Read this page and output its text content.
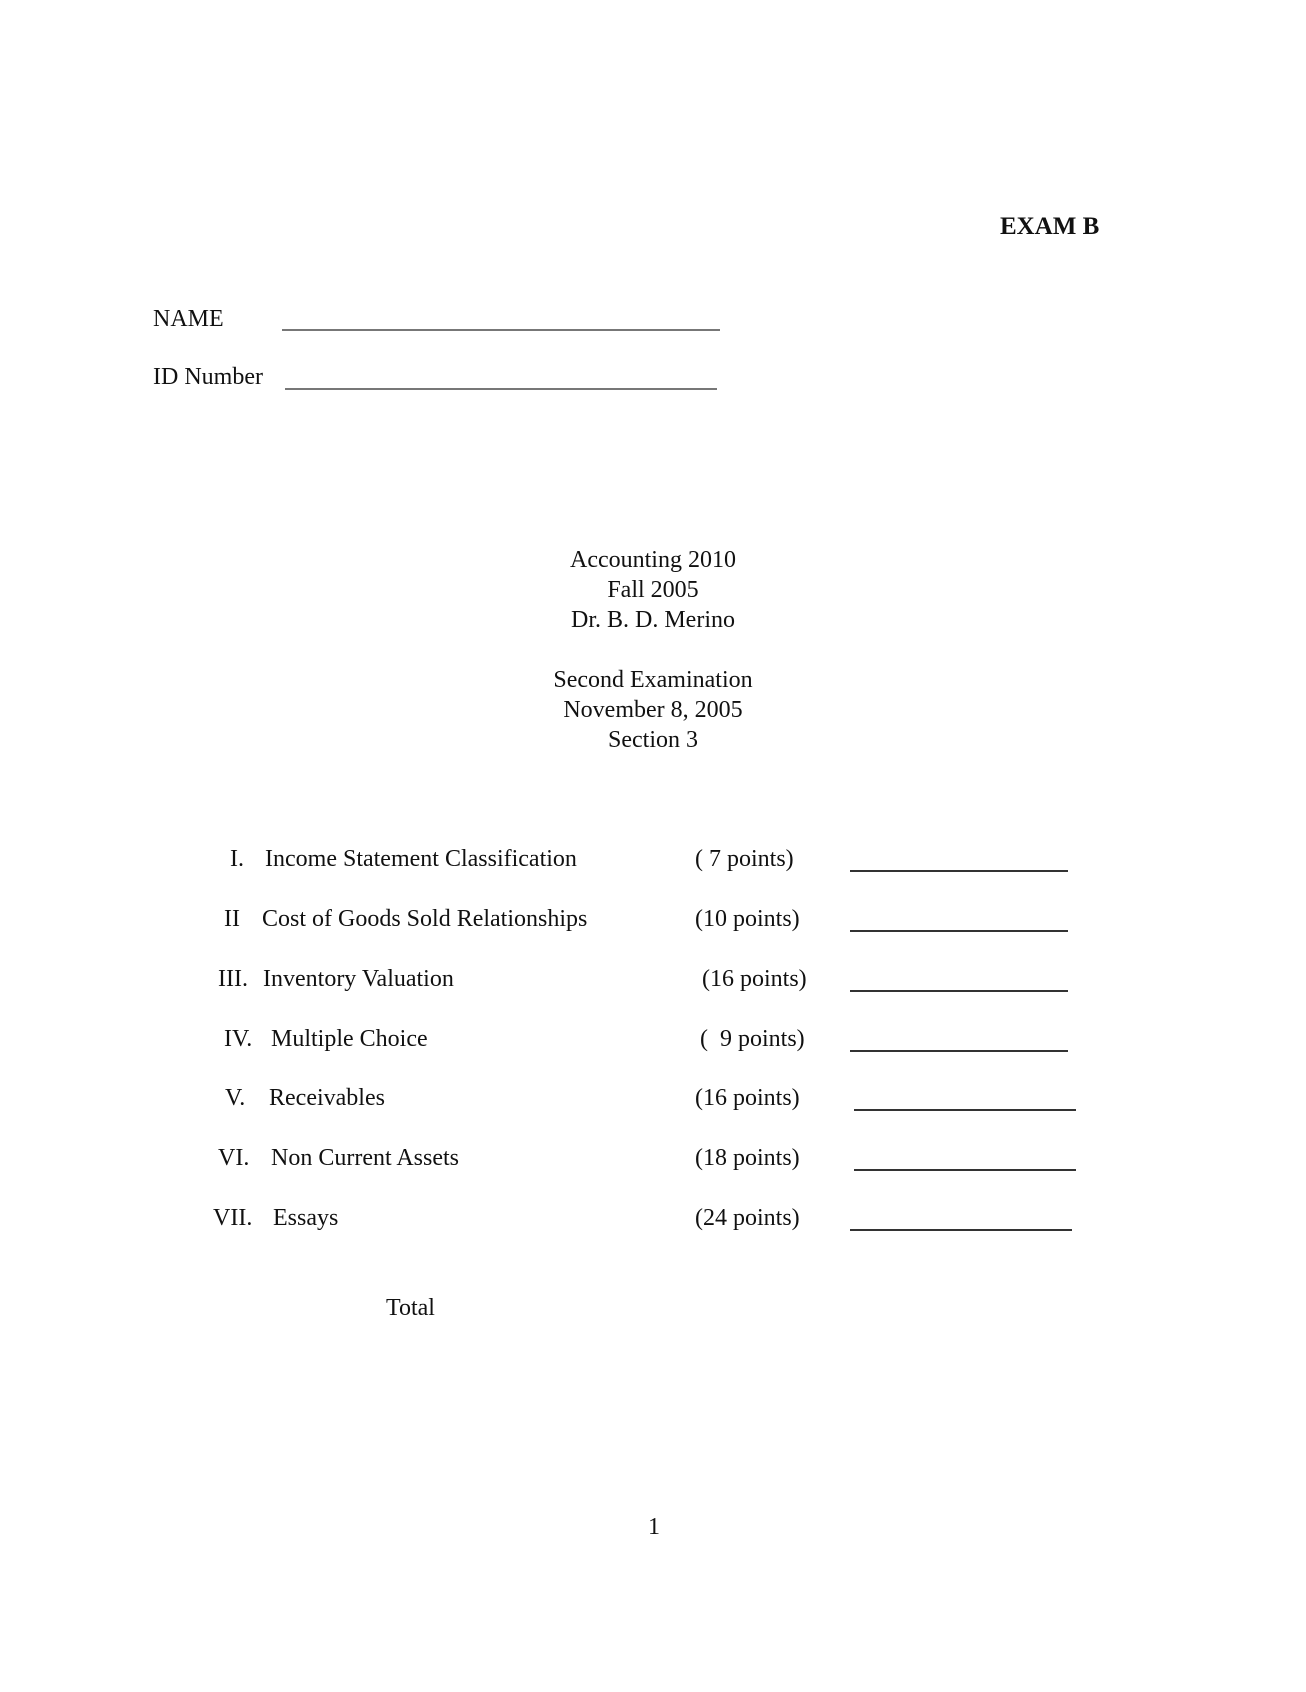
EXAM B
NAME
ID Number
Accounting 2010
Fall 2005
Dr. B. D. Merino
Second Examination
November 8, 2005
Section 3
I. Income Statement Classification	( 7 points)
II Cost of Goods Sold Relationships	(10 points)
III. Inventory Valuation	(16 points)
IV. Multiple Choice	(  9 points)
V. Receivables	(16 points)
VI. Non Current Assets	(18 points)
VII. Essays	(24 points)
Total
1
